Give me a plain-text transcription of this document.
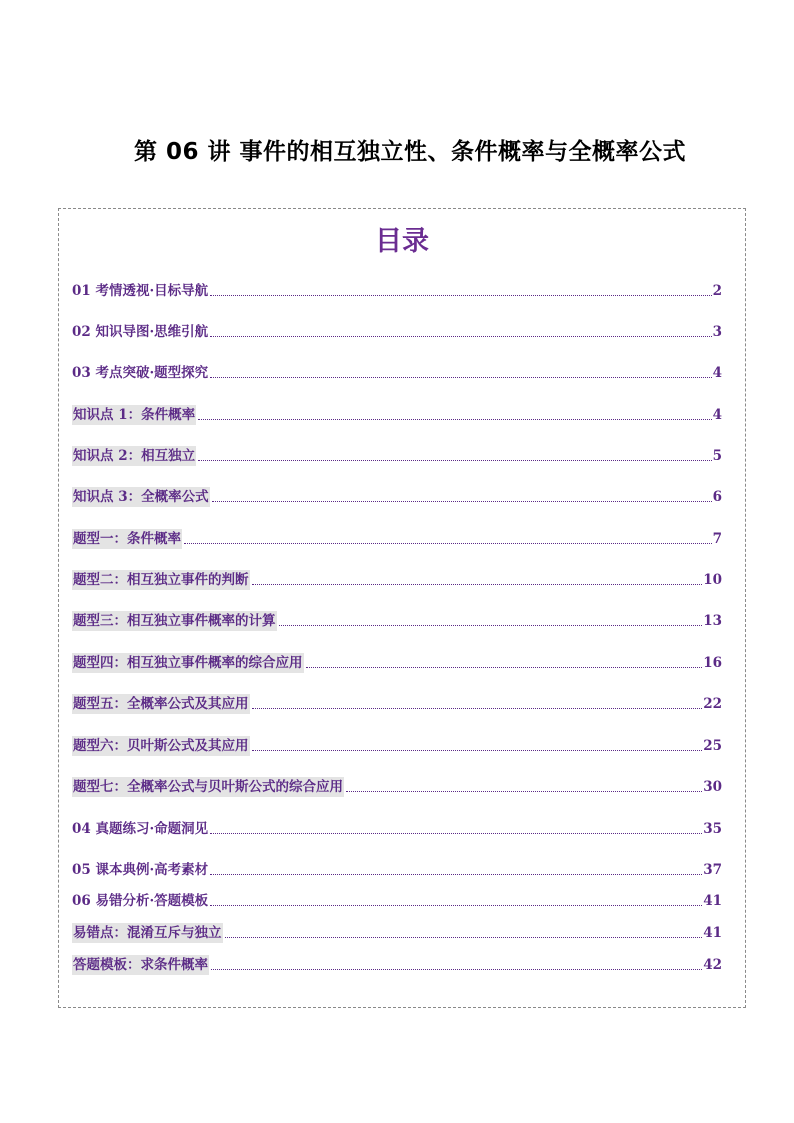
第 06 讲 事件的相互独立性、条件概率与全概率公式
目录
01 考情透视·目标导航	2
02 知识导图·思维引航	3
03 考点突破·题型探究	4
知识点 1：条件概率	4
知识点 2：相互独立	5
知识点 3：全概率公式	6
题型一：条件概率	7
题型二：相互独立事件的判断	10
题型三：相互独立事件概率的计算	13
题型四：相互独立事件概率的综合应用	16
题型五：全概率公式及其应用	22
题型六：贝叶斯公式及其应用	25
题型七：全概率公式与贝叶斯公式的综合应用	30
04 真题练习·命题洞见	35
05 课本典例·高考素材	37
06 易错分析·答题模板	41
易错点：混淆互斥与独立	41
答题模板：求条件概率	42
